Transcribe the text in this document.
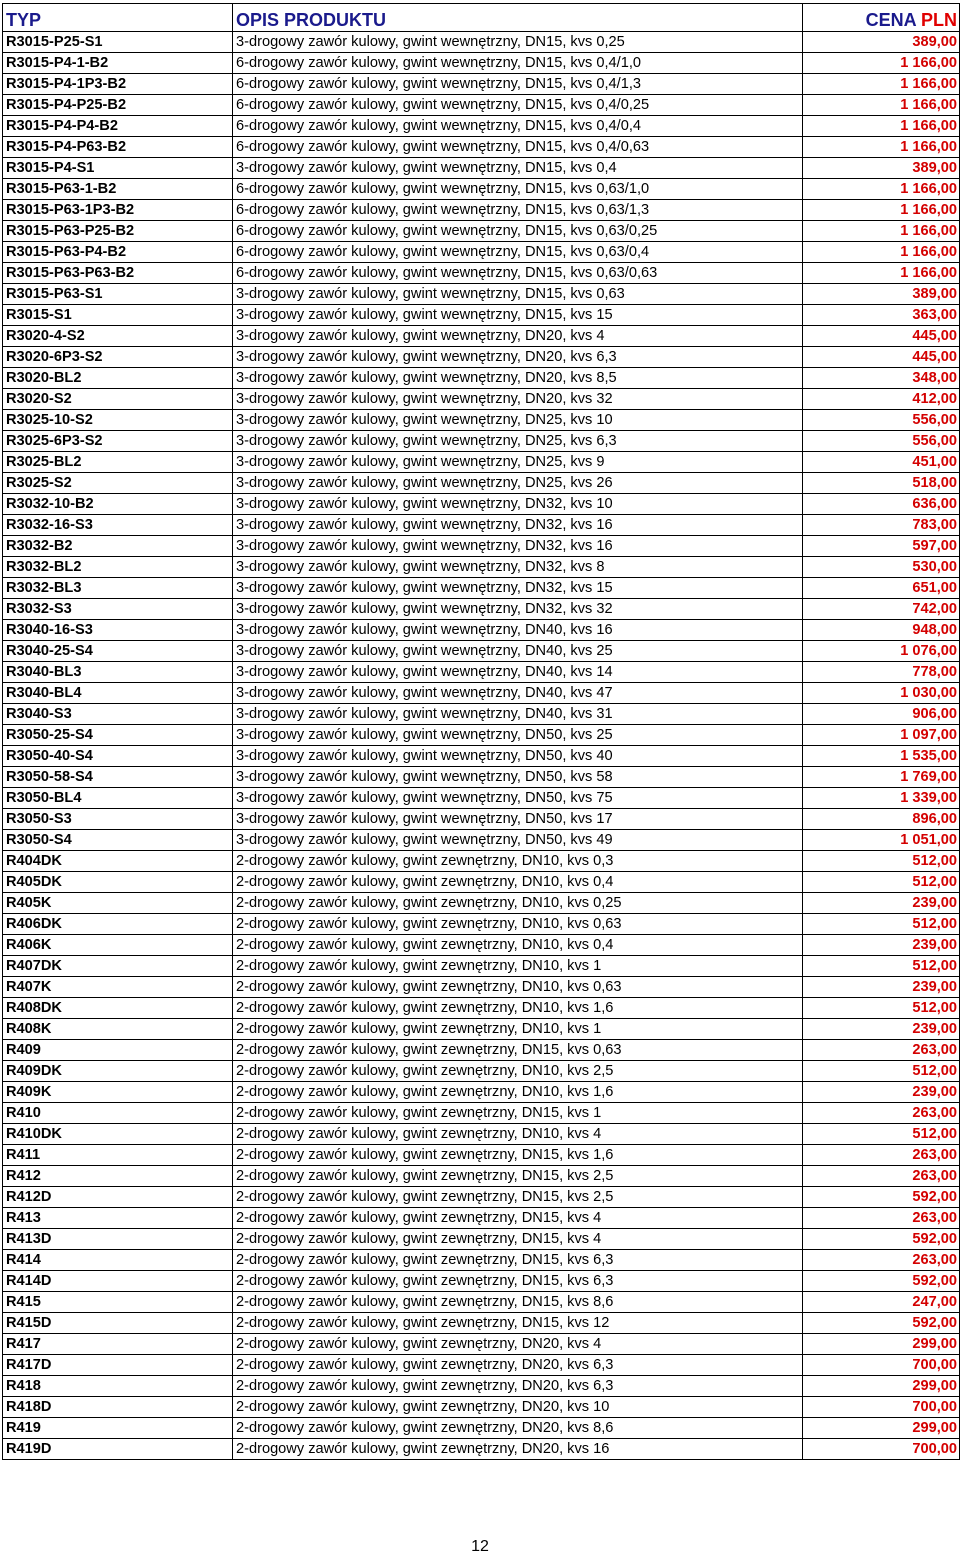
TYP	OPIS PRODUKTU	CENA PLN
R3015-P25-S1	3-drogowy zawór kulowy, gwint wewnętrzny, DN15, kvs 0,25	389,00
R3015-P4-1-B2	6-drogowy zawór kulowy, gwint wewnętrzny, DN15, kvs 0,4/1,0	1 166,00
R3015-P4-1P3-B2	6-drogowy zawór kulowy, gwint wewnętrzny, DN15, kvs 0,4/1,3	1 166,00
R3015-P4-P25-B2	6-drogowy zawór kulowy, gwint wewnętrzny, DN15, kvs 0,4/0,25	1 166,00
R3015-P4-P4-B2	6-drogowy zawór kulowy, gwint wewnętrzny, DN15, kvs 0,4/0,4	1 166,00
R3015-P4-P63-B2	6-drogowy zawór kulowy, gwint wewnętrzny, DN15, kvs 0,4/0,63	1 166,00
R3015-P4-S1	3-drogowy zawór kulowy, gwint wewnętrzny, DN15, kvs 0,4	389,00
R3015-P63-1-B2	6-drogowy zawór kulowy, gwint wewnętrzny, DN15, kvs 0,63/1,0	1 166,00
R3015-P63-1P3-B2	6-drogowy zawór kulowy, gwint wewnętrzny, DN15, kvs 0,63/1,3	1 166,00
R3015-P63-P25-B2	6-drogowy zawór kulowy, gwint wewnętrzny, DN15, kvs 0,63/0,25	1 166,00
R3015-P63-P4-B2	6-drogowy zawór kulowy, gwint wewnętrzny, DN15, kvs 0,63/0,4	1 166,00
R3015-P63-P63-B2	6-drogowy zawór kulowy, gwint wewnętrzny, DN15, kvs 0,63/0,63	1 166,00
R3015-P63-S1	3-drogowy zawór kulowy, gwint wewnętrzny, DN15, kvs 0,63	389,00
R3015-S1	3-drogowy zawór kulowy, gwint wewnętrzny, DN15, kvs 15	363,00
R3020-4-S2	3-drogowy zawór kulowy, gwint wewnętrzny, DN20, kvs 4	445,00
R3020-6P3-S2	3-drogowy zawór kulowy, gwint wewnętrzny, DN20, kvs 6,3	445,00
R3020-BL2	3-drogowy zawór kulowy, gwint wewnętrzny, DN20, kvs 8,5	348,00
R3020-S2	3-drogowy zawór kulowy, gwint wewnętrzny, DN20, kvs 32	412,00
R3025-10-S2	3-drogowy zawór kulowy, gwint wewnętrzny, DN25, kvs 10	556,00
R3025-6P3-S2	3-drogowy zawór kulowy, gwint wewnętrzny, DN25, kvs 6,3	556,00
R3025-BL2	3-drogowy zawór kulowy, gwint wewnętrzny, DN25, kvs 9	451,00
R3025-S2	3-drogowy zawór kulowy, gwint wewnętrzny, DN25, kvs 26	518,00
R3032-10-B2	3-drogowy zawór kulowy, gwint wewnętrzny, DN32, kvs 10	636,00
R3032-16-S3	3-drogowy zawór kulowy, gwint wewnętrzny, DN32, kvs 16	783,00
R3032-B2	3-drogowy zawór kulowy, gwint wewnętrzny, DN32, kvs 16	597,00
R3032-BL2	3-drogowy zawór kulowy, gwint wewnętrzny, DN32, kvs 8	530,00
R3032-BL3	3-drogowy zawór kulowy, gwint wewnętrzny, DN32, kvs 15	651,00
R3032-S3	3-drogowy zawór kulowy, gwint wewnętrzny, DN32, kvs 32	742,00
R3040-16-S3	3-drogowy zawór kulowy, gwint wewnętrzny, DN40, kvs 16	948,00
R3040-25-S4	3-drogowy zawór kulowy, gwint wewnętrzny, DN40, kvs 25	1 076,00
R3040-BL3	3-drogowy zawór kulowy, gwint wewnętrzny, DN40, kvs 14	778,00
R3040-BL4	3-drogowy zawór kulowy, gwint wewnętrzny, DN40, kvs 47	1 030,00
R3040-S3	3-drogowy zawór kulowy, gwint wewnętrzny, DN40, kvs 31	906,00
R3050-25-S4	3-drogowy zawór kulowy, gwint wewnętrzny, DN50, kvs 25	1 097,00
R3050-40-S4	3-drogowy zawór kulowy, gwint wewnętrzny, DN50, kvs 40	1 535,00
R3050-58-S4	3-drogowy zawór kulowy, gwint wewnętrzny, DN50, kvs 58	1 769,00
R3050-BL4	3-drogowy zawór kulowy, gwint wewnętrzny, DN50, kvs 75	1 339,00
R3050-S3	3-drogowy zawór kulowy, gwint wewnętrzny, DN50, kvs 17	896,00
R3050-S4	3-drogowy zawór kulowy, gwint wewnętrzny, DN50, kvs 49	1 051,00
R404DK	2-drogowy zawór kulowy, gwint zewnętrzny, DN10, kvs 0,3	512,00
R405DK	2-drogowy zawór kulowy, gwint zewnętrzny, DN10, kvs 0,4	512,00
R405K	2-drogowy zawór kulowy, gwint zewnętrzny, DN10, kvs 0,25	239,00
R406DK	2-drogowy zawór kulowy, gwint zewnętrzny, DN10, kvs 0,63	512,00
R406K	2-drogowy zawór kulowy, gwint zewnętrzny, DN10, kvs 0,4	239,00
R407DK	2-drogowy zawór kulowy, gwint zewnętrzny, DN10, kvs 1	512,00
R407K	2-drogowy zawór kulowy, gwint zewnętrzny, DN10, kvs 0,63	239,00
R408DK	2-drogowy zawór kulowy, gwint zewnętrzny, DN10, kvs 1,6	512,00
R408K	2-drogowy zawór kulowy, gwint zewnętrzny, DN10, kvs 1	239,00
R409	2-drogowy zawór kulowy, gwint zewnętrzny, DN15, kvs 0,63	263,00
R409DK	2-drogowy zawór kulowy, gwint zewnętrzny, DN10, kvs 2,5	512,00
R409K	2-drogowy zawór kulowy, gwint zewnętrzny, DN10, kvs 1,6	239,00
R410	2-drogowy zawór kulowy, gwint zewnętrzny, DN15, kvs 1	263,00
R410DK	2-drogowy zawór kulowy, gwint zewnętrzny, DN10, kvs 4	512,00
R411	2-drogowy zawór kulowy, gwint zewnętrzny, DN15, kvs 1,6	263,00
R412	2-drogowy zawór kulowy, gwint zewnętrzny, DN15, kvs 2,5	263,00
R412D	2-drogowy zawór kulowy, gwint zewnętrzny, DN15, kvs 2,5	592,00
R413	2-drogowy zawór kulowy, gwint zewnętrzny, DN15, kvs 4	263,00
R413D	2-drogowy zawór kulowy, gwint zewnętrzny, DN15, kvs 4	592,00
R414	2-drogowy zawór kulowy, gwint zewnętrzny, DN15, kvs 6,3	263,00
R414D	2-drogowy zawór kulowy, gwint zewnętrzny, DN15, kvs 6,3	592,00
R415	2-drogowy zawór kulowy, gwint zewnętrzny, DN15, kvs 8,6	247,00
R415D	2-drogowy zawór kulowy, gwint zewnętrzny, DN15, kvs 12	592,00
R417	2-drogowy zawór kulowy, gwint zewnętrzny, DN20, kvs 4	299,00
R417D	2-drogowy zawór kulowy, gwint zewnętrzny, DN20, kvs 6,3	700,00
R418	2-drogowy zawór kulowy, gwint zewnętrzny, DN20, kvs 6,3	299,00
R418D	2-drogowy zawór kulowy, gwint zewnętrzny, DN20, kvs 10	700,00
R419	2-drogowy zawór kulowy, gwint zewnętrzny, DN20, kvs 8,6	299,00
R419D	2-drogowy zawór kulowy, gwint zewnętrzny, DN20, kvs 16	700,00
12
